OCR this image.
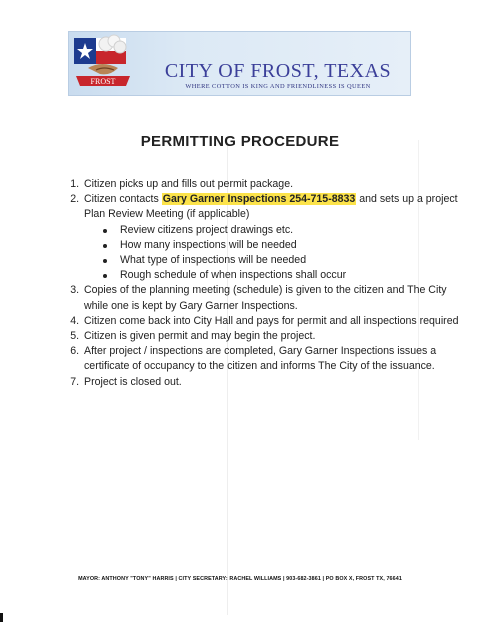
FROST	CITY OF FROST, TEXAS
WHERE COTTON IS KING AND FRIENDLINESS IS QUEEN
PERMITTING PROCEDURE
1. Citizen picks up and fills out permit package.
2. Citizen contacts Gary Garner Inspections 254-715-8833 and sets up a project Plan Review Meeting (if applicable)
Review citizens project drawings etc.
How many inspections will be needed
What type of inspections will be needed
Rough schedule of when inspections shall occur
3. Copies of the planning meeting (schedule) is given to the citizen and The City while one is kept by Gary Garner Inspections.
4. Citizen come back into City Hall and pays for permit and all inspections required
5. Citizen is given permit and may begin the project.
6. After project / inspections are completed, Gary Garner Inspections issues a certificate of occupancy to the citizen and informs The City of the issuance.
7. Project is closed out.
MAYOR: ANTHONY "TONY" HARRIS | CITY SECRETARY: RACHEL WILLIAMS | 903-682-3861 | PO BOX X, FROST TX, 76641
